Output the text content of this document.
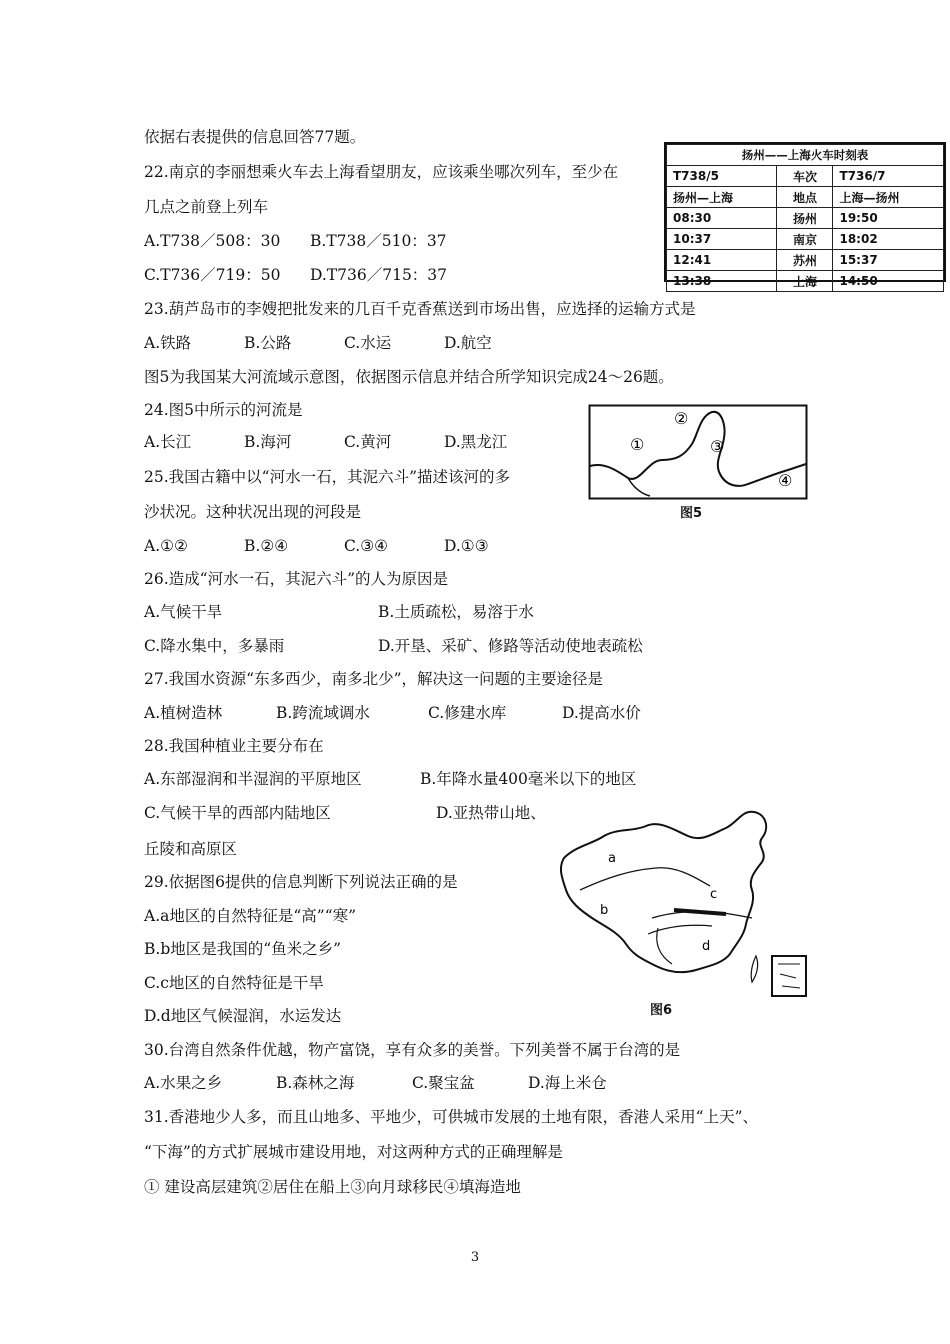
依据右表提供的信息回答77题。
22.南京的李丽想乘火车去上海看望朋友，应该乘坐哪次列车，至少在
几点之前登上列车
A.T738／508：30 B.T738／510：37
C.T736／719：50 D.T736／715：37
扬州——上海火车时刻表		
T738/5	车次	T736/7
扬州—上海	地点	上海—扬州
08:30	扬州	19:50
10:37	南京	18:02
12:41	苏州	15:37
13:38	上海	14:50
23.葫芦岛市的李嫂把批发来的几百千克香蕉送到市场出售，应选择的运输方式是
A.铁路	B.公路	C.水运	D.航空
图5为我国某大河流域示意图，依据图示信息并结合所学知识完成24～26题。
24.图5中所示的河流是
A.长江	B.海河	C.黄河	D.黑龙江	①
②
③
④
图5
25.我国古籍中以“河水一石，其泥六斗”描述该河的多
沙状况。这种状况出现的河段是
A.①②	B.②④	C.③④	D.①③
26.造成“河水一石，其泥六斗”的人为原因是
A.气候干旱	B.土质疏松，易溶于水
C.降水集中，多暴雨	D.开垦、采矿、修路等活动使地表疏松
27.我国水资源“东多西少，南多北少”，解决这一问题的主要途径是
A.植树造林	B.跨流域调水	C.修建水库	D.提高水价
28.我国种植业主要分布在
A.东部湿润和半湿润的平原地区	B.年降水量400毫米以下的地区
C.气候干旱的西部内陆地区	D.亚热带山地、
丘陵和高原区
a
b
c
d
图6
29.依据图6提供的信息判断下列说法正确的是
A.a地区的自然特征是“高”“寒”
B.b地区是我国的“鱼米之乡”
C.c地区的自然特征是干旱
D.d地区气候湿润，水运发达
30.台湾自然条件优越，物产富饶，享有众多的美誉。下列美誉不属于台湾的是
A.水果之乡	B.森林之海	C.聚宝盆	D.海上米仓
31.香港地少人多，而且山地多、平地少，可供城市发展的土地有限，香港人采用“上天”、
“下海”的方式扩展城市建设用地，对这两种方式的正确理解是
① 建设高层建筑②居住在船上③向月球移民④填海造地
3
